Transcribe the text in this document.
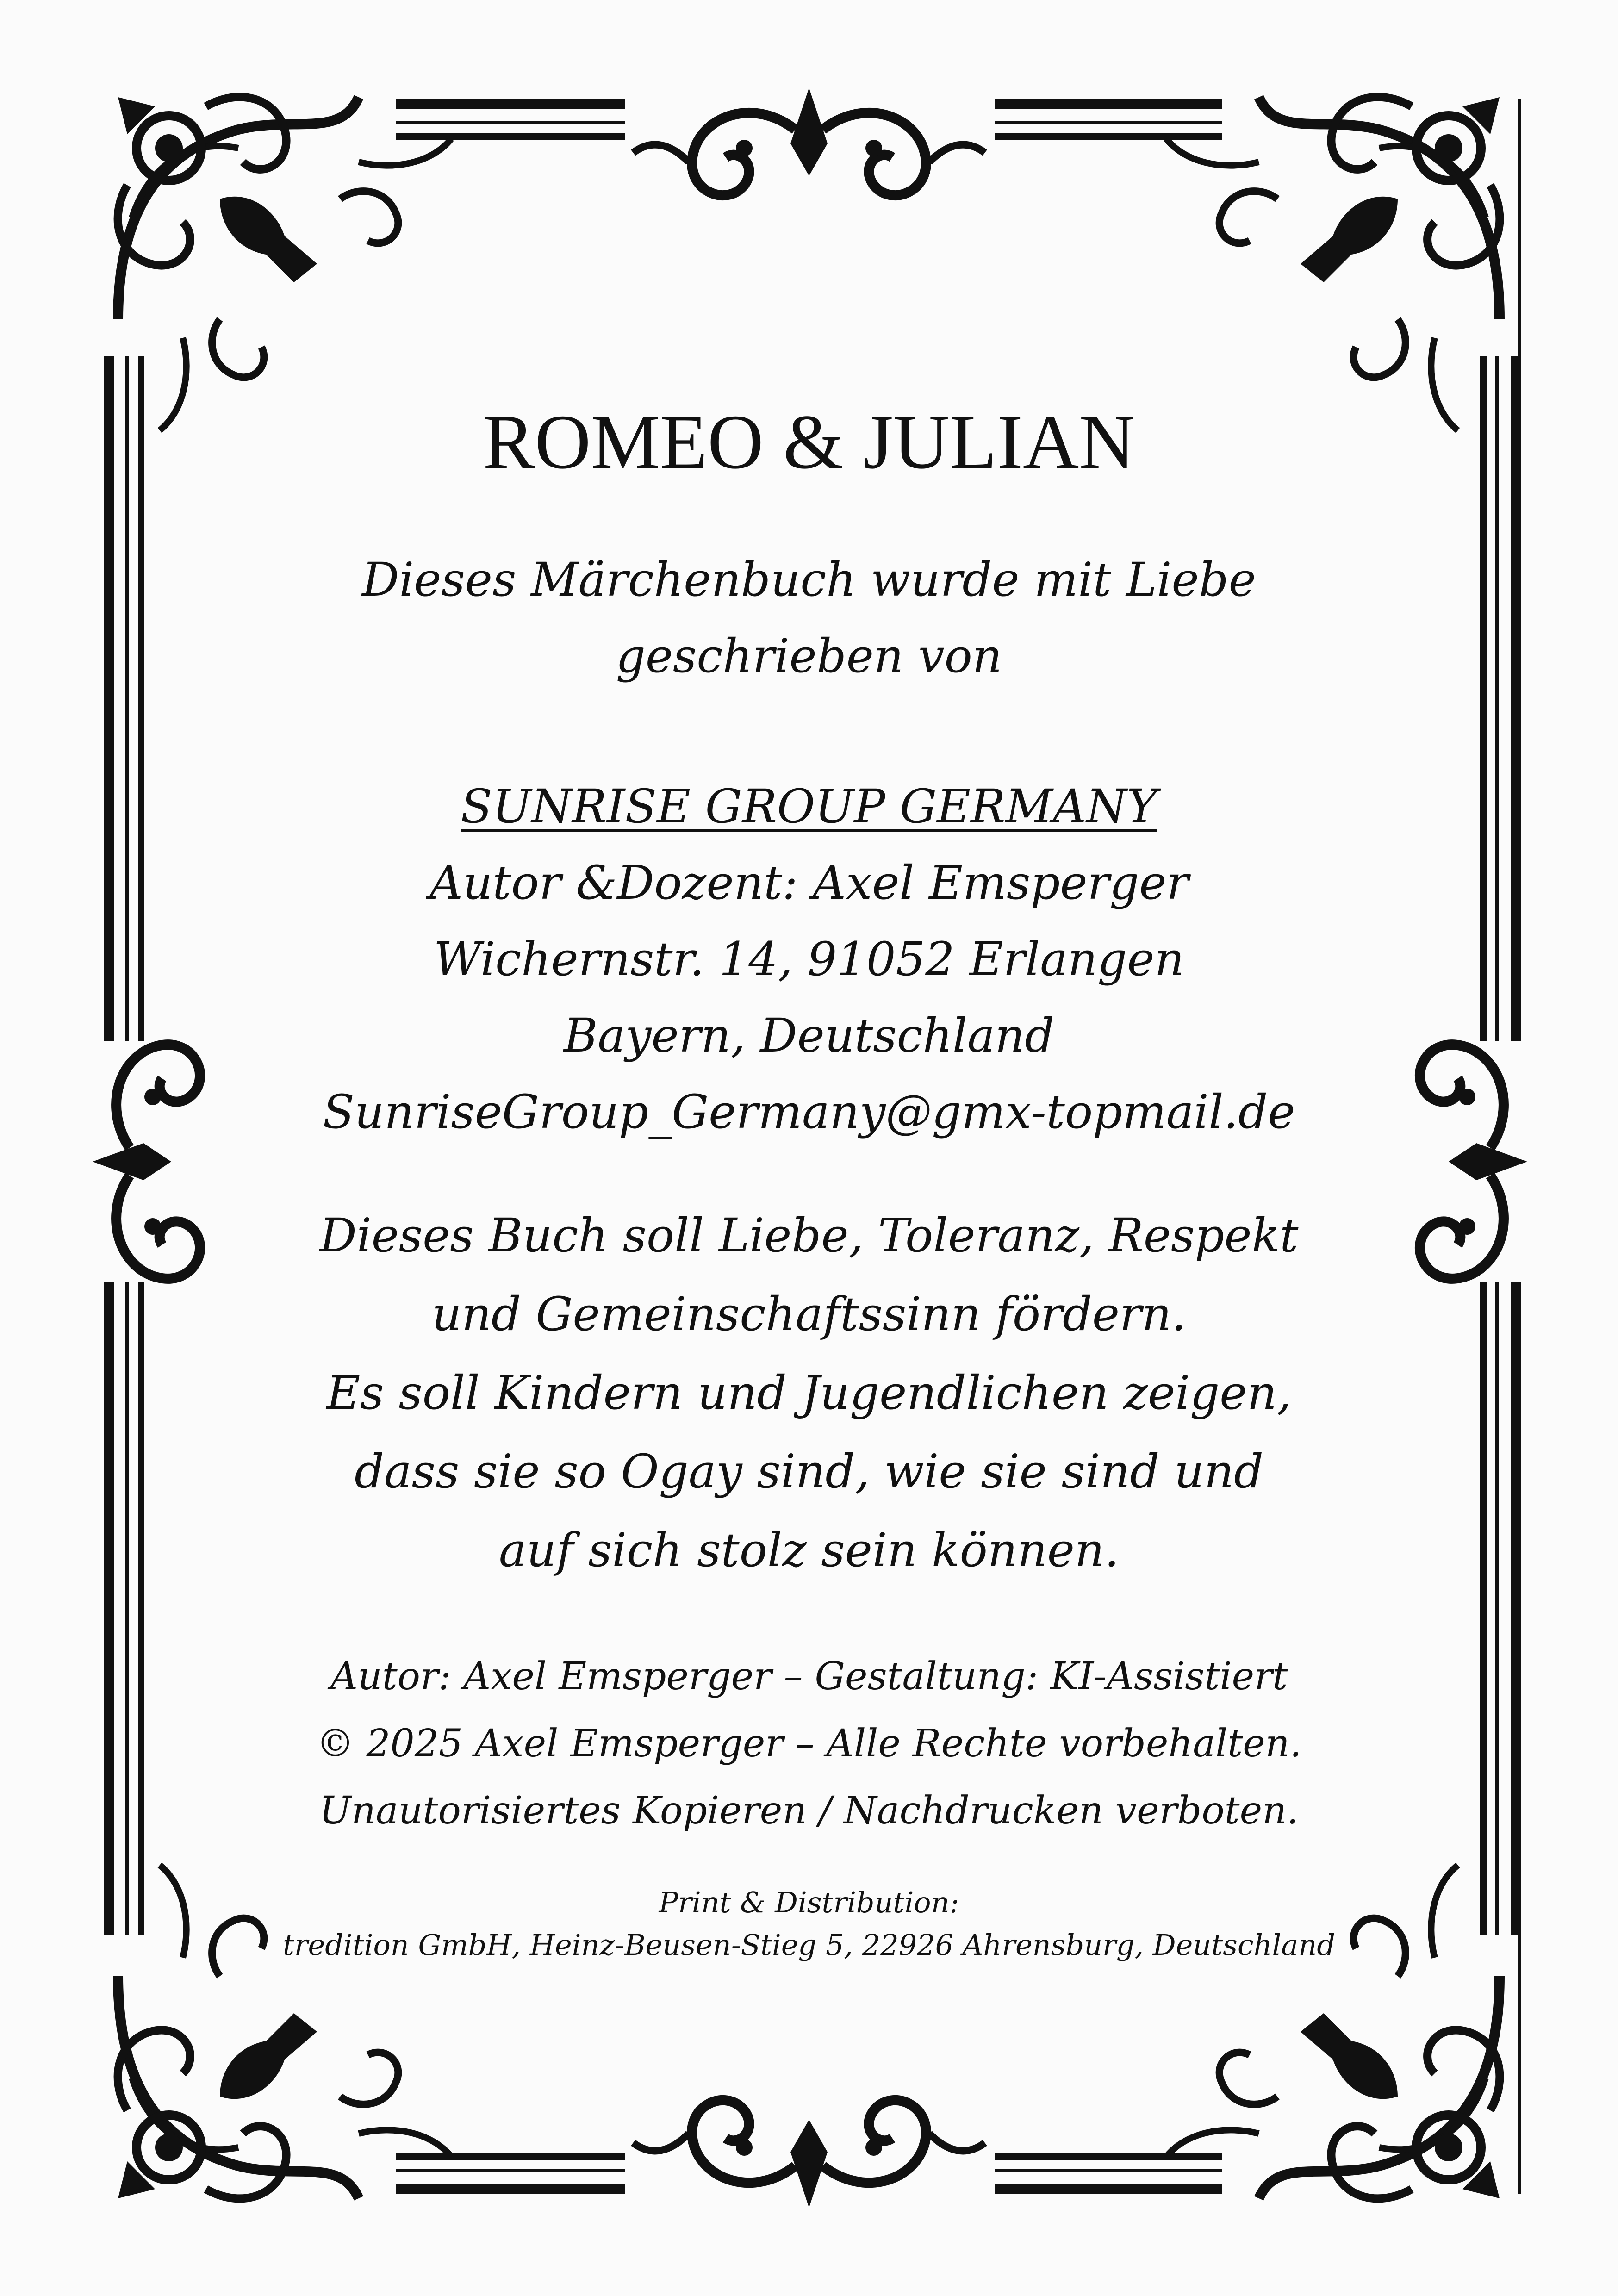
ROMEO & JULIAN
Dieses Märchenbuch wurde mit Liebe
geschrieben von
SUNRISE GROUP GERMANY
Autor &Dozent: Axel Emsperger
Wichernstr. 14, 91052 Erlangen
Bayern, Deutschland
SunriseGroup_Germany@gmx-topmail.de
Dieses Buch soll Liebe, Toleranz, Respekt
und Gemeinschaftssinn fördern.
Es soll Kindern und Jugendlichen zeigen,
dass sie so Ogay sind, wie sie sind und
auf sich stolz sein können.
Autor: Axel Emsperger – Gestaltung: KI-Assistiert
© 2025 Axel Emsperger – Alle Rechte vorbehalten.
Unautorisiertes Kopieren / Nachdrucken verboten.
Print & Distribution:
tredition GmbH, Heinz-Beusen-Stieg 5, 22926 Ahrensburg, Deutschland
